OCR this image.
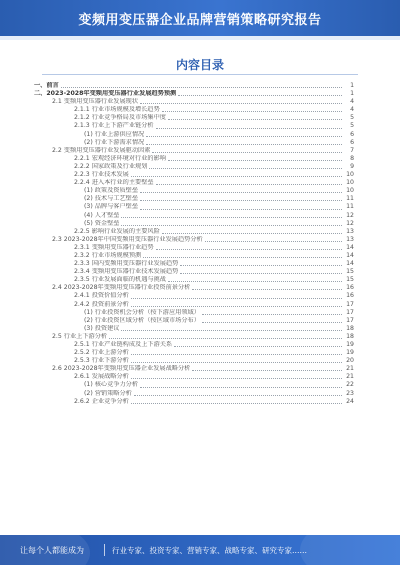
变频用变压器企业品牌营销策略研究报告
内容目录
一、前言	1
二、2023-2028年变频用变压器行业发展趋势预测	1
2.1 变频用变压器行业发展现状	4
2.1.1 行业市场规模及增长趋势	4
2.1.2 行业竞争格局及市场集中度	5
2.1.3 行业上下游产业链分析	5
(1) 行业上游供应情况	6
(2) 行业下游需求情况	6
2.2 变频用变压器行业发展驱动因素	7
2.2.1 宏观经济环境对行业的影响	8
2.2.2 国家政策及行业规划	9
2.2.3 行业技术发展	10
2.2.4 进入本行业的主要壁垒	10
(1) 政策及资质壁垒	10
(2) 技术与工艺壁垒	11
(3) 品牌与客户壁垒	11
(4) 人才壁垒	12
(5) 资金壁垒	12
2.2.5 影响行业发展的主要风险	13
2.3 2023-2028年中国变频用变压器行业发展趋势分析	13
2.3.1 变频用变压器行业趋势	14
2.3.2 行业市场规模预测	14
2.3.3 国内变频用变压器行业发展趋势	14
2.3.4 变频用变压器行业技术发展趋势	15
2.3.5 行业发展面临的机遇与挑战	15
2.4 2023-2028年变频用变压器行业投资前景分析	16
2.4.1 投资价值分析	16
2.4.2 投资前景分析	17
(1) 行业投资机会分析（按下游应用领域）	17
(2) 行业投资区域分析（按区域市场分布）	17
(3) 投资建议	18
2.5 行业上下游分析	18
2.5.1 行业产业链构成及上下游关系	19
2.5.2 行业上游分析	19
2.5.3 行业下游分析	20
2.6 2023-2028年变频用变压器企业发展战略分析	21
2.6.1 发展战略分析	21
(1) 核心竞争力分析	22
(2) 营销策略分析	23
2.6.2 企业竞争分析	24
让每个人都能成为	行业专家、投资专家、营销专家、战略专家、研究专家……
